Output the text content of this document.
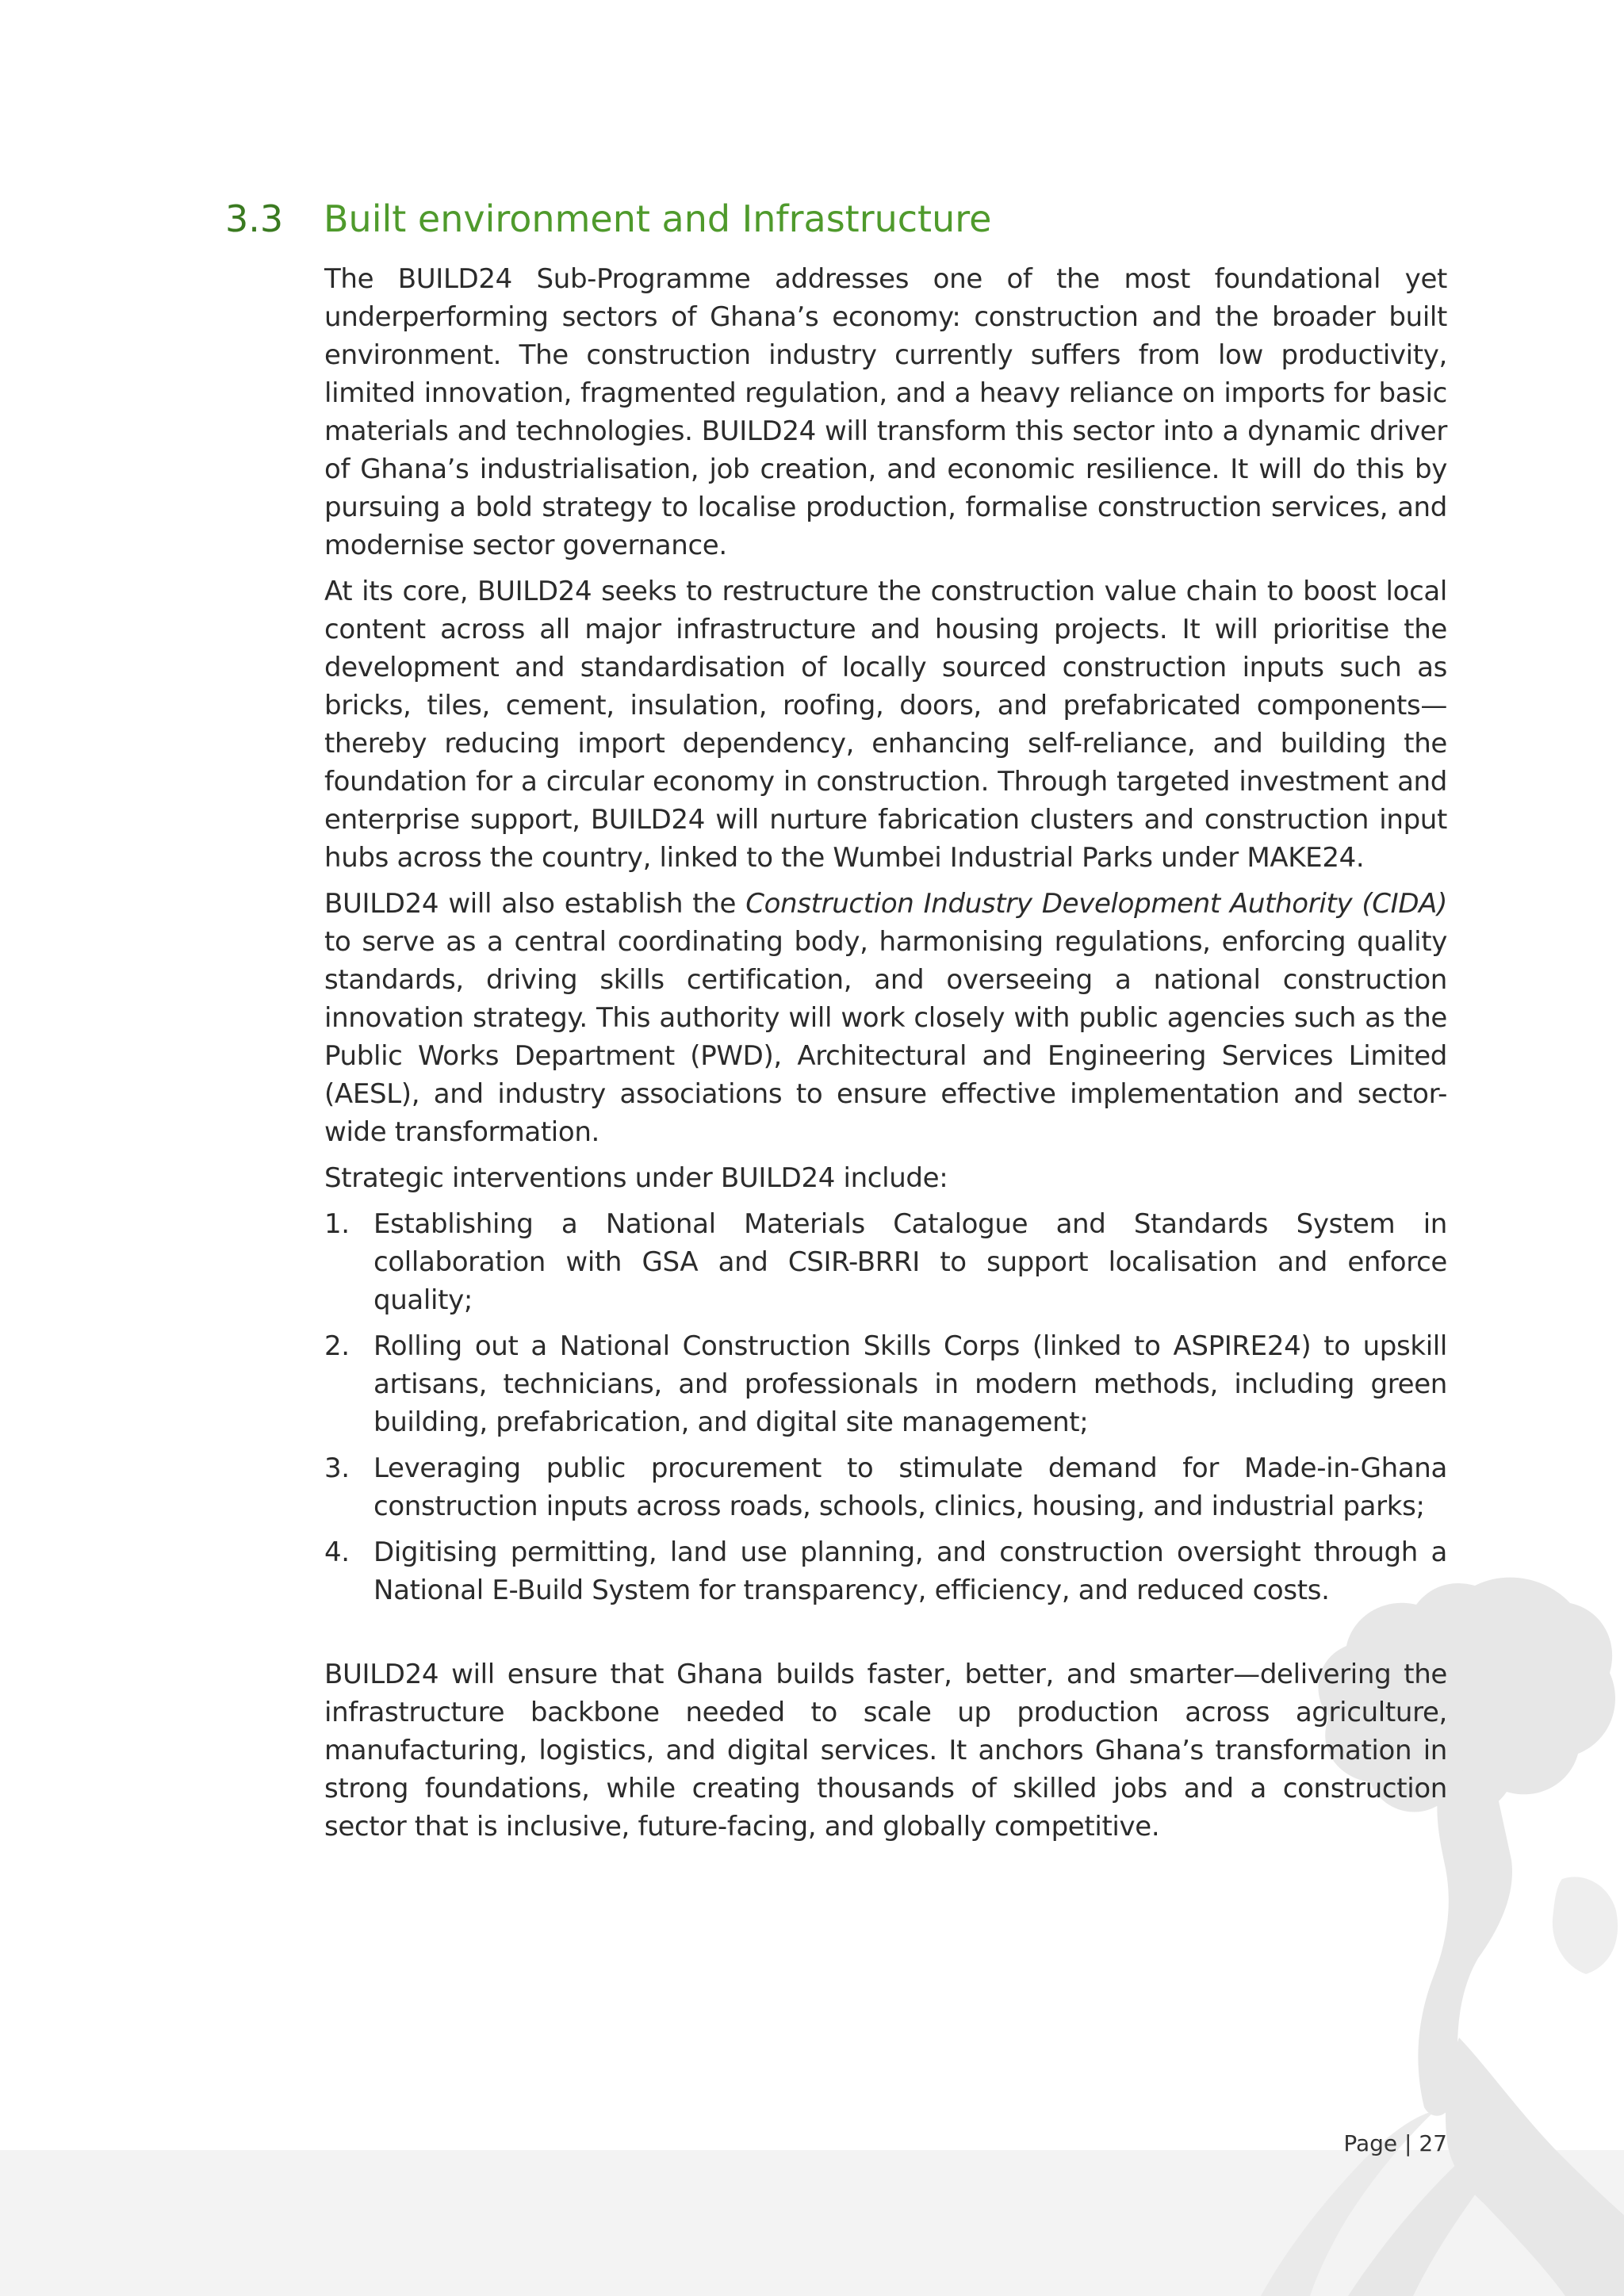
3.3	Built environment and Infrastructure

The BUILD24 Sub-Programme addresses one of the most foundational yet underperforming sectors of Ghana’s economy: construction and the broader built environment. The construction industry currently suffers from low productivity, limited innovation, fragmented regulation, and a heavy reliance on imports for basic materials and technologies. BUILD24 will transform this sector into a dynamic driver of Ghana’s industrialisation, job creation, and economic resilience. It will do this by pursuing a bold strategy to localise production, formalise construction services, and modernise sector governance.

At its core, BUILD24 seeks to restructure the construction value chain to boost local content across all major infrastructure and housing projects. It will prioritise the development and standardisation of locally sourced construction inputs such as bricks, tiles, cement, insulation, roofing, doors, and prefabricated components—thereby reducing import dependency, enhancing self-reliance, and building the foundation for a circular economy in construction. Through targeted investment and enterprise support, BUILD24 will nurture fabrication clusters and construction input hubs across the country, linked to the Wumbei Industrial Parks under MAKE24.

BUILD24 will also establish the Construction Industry Development Authority (CIDA) to serve as a central coordinating body, harmonising regulations, enforcing quality standards, driving skills certification, and overseeing a national construction innovation strategy. This authority will work closely with public agencies such as the Public Works Department (PWD), Architectural and Engineering Services Limited (AESL), and industry associations to ensure effective implementation and sector-wide transformation.

Strategic interventions under BUILD24 include:

1. Establishing a National Materials Catalogue and Standards System in collaboration with GSA and CSIR-BRRI to support localisation and enforce quality;
2. Rolling out a National Construction Skills Corps (linked to ASPIRE24) to upskill artisans, technicians, and professionals in modern methods, including green building, prefabrication, and digital site management;
3. Leveraging public procurement to stimulate demand for Made-in-Ghana construction inputs across roads, schools, clinics, housing, and industrial parks;
4. Digitising permitting, land use planning, and construction oversight through a National E-Build System for transparency, efficiency, and reduced costs.

BUILD24 will ensure that Ghana builds faster, better, and smarter—delivering the infrastructure backbone needed to scale up production across agriculture, manufacturing, logistics, and digital services. It anchors Ghana’s transformation in strong foundations, while creating thousands of skilled jobs and a construction sector that is inclusive, future-facing, and globally competitive.

Page | 27
